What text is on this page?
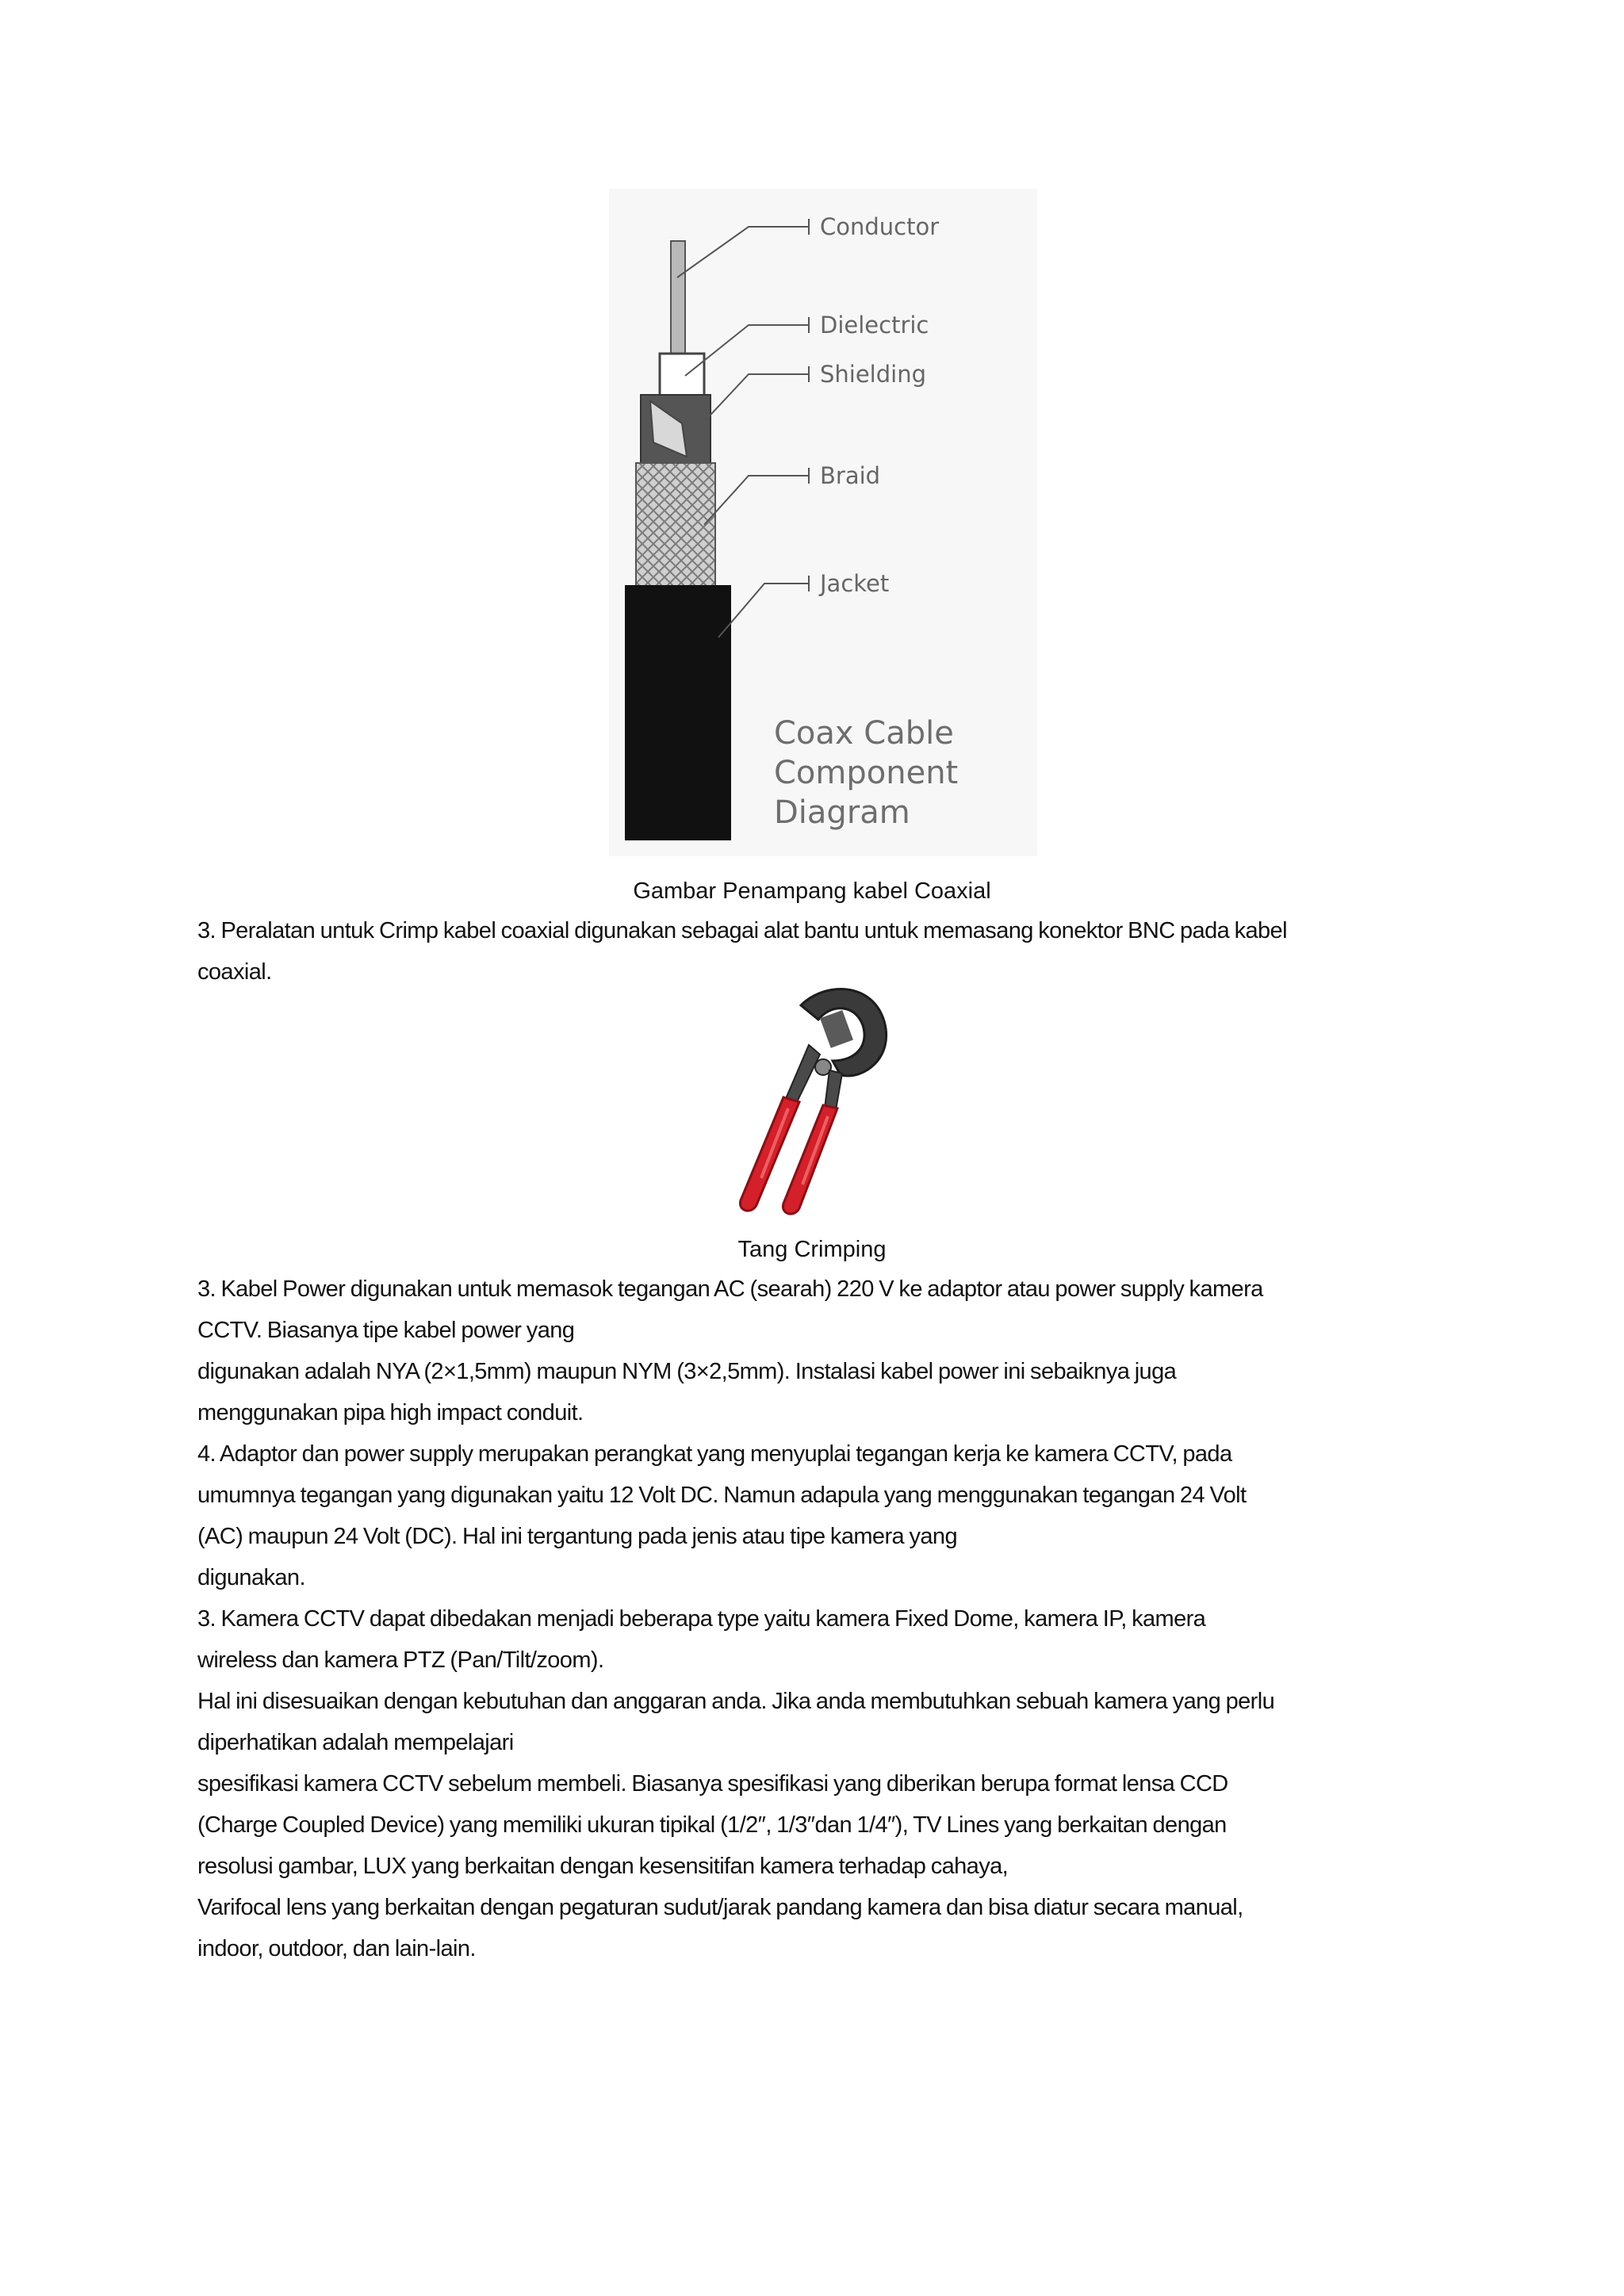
Conductor
Dielectric
Shielding
Braid
Jacket
Coax Cable
Component
Diagram
Gambar Penampang kabel Coaxial
3. Peralatan untuk Crimp kabel coaxial digunakan sebagai alat bantu untuk memasang konektor BNC pada kabel
coaxial.
Tang Crimping
3. Kabel Power digunakan untuk memasok tegangan AC (searah) 220 V ke adaptor atau power supply kamera
CCTV. Biasanya tipe kabel power yang
digunakan adalah NYA (2×1,5mm) maupun NYM (3×2,5mm). Instalasi kabel power ini sebaiknya juga
menggunakan pipa high impact conduit.
4. Adaptor dan power supply merupakan perangkat yang menyuplai tegangan kerja ke kamera CCTV, pada
umumnya tegangan yang digunakan yaitu 12 Volt DC. Namun adapula yang menggunakan tegangan 24 Volt
(AC) maupun 24 Volt (DC). Hal ini tergantung pada jenis atau tipe kamera yang
digunakan.
3. Kamera CCTV dapat dibedakan menjadi beberapa type yaitu kamera Fixed Dome, kamera IP, kamera
wireless dan kamera PTZ (Pan/Tilt/zoom).
Hal ini disesuaikan dengan kebutuhan dan anggaran anda. Jika anda membutuhkan sebuah kamera yang perlu
diperhatikan adalah mempelajari
spesifikasi kamera CCTV sebelum membeli. Biasanya spesifikasi yang diberikan berupa format lensa CCD
(Charge Coupled Device) yang memiliki ukuran tipikal (1/2″, 1/3″dan 1/4″), TV Lines yang berkaitan dengan
resolusi gambar, LUX yang berkaitan dengan kesensitifan kamera terhadap cahaya,
Varifocal lens yang berkaitan dengan pegaturan sudut/jarak pandang kamera dan bisa diatur secara manual,
indoor, outdoor, dan lain-lain.
